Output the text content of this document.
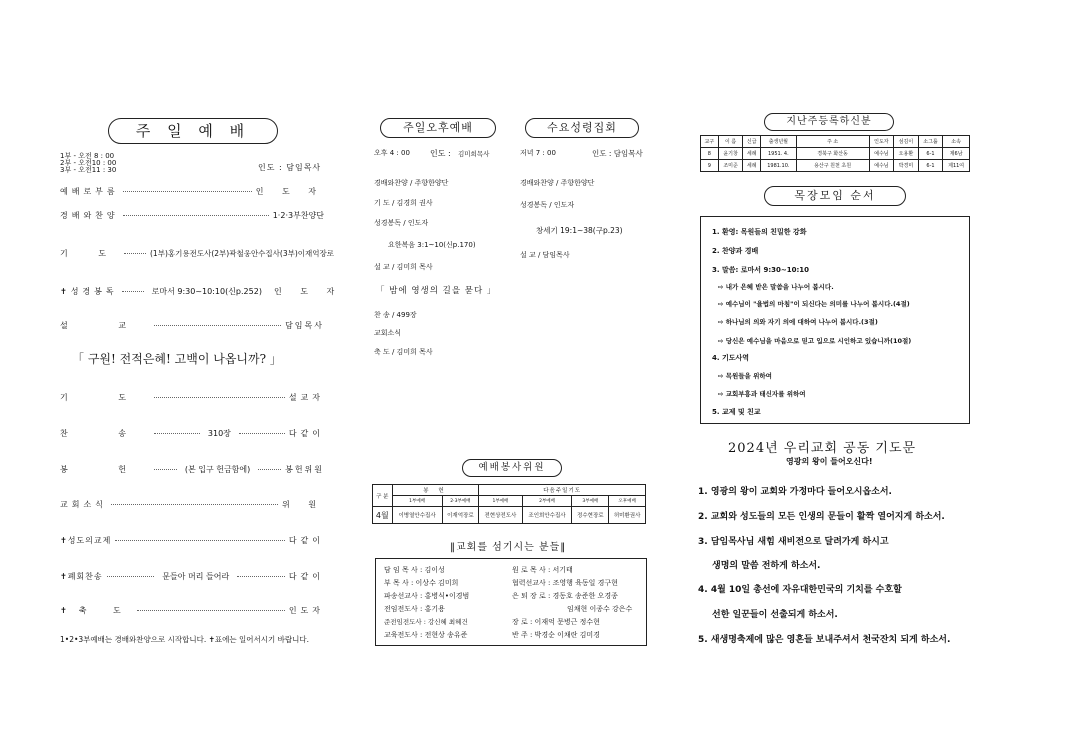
주 일 예 배
1부 - 오전 8 : 00
2부 - 오전10 : 00
3부 - 오전11 : 30	인도 : 담임목사
예배로부름	인 도 자
경배와찬양	1·2·3부찬양단
기 도	(1부)홍기용전도사(2부)곽철웅안수집사(3부)이재억장로
✝성경봉독	로마서 9:30~10:10(신p.252)	인 도 자
설 교	담임목사
「 구원! 전적은혜! 고백이 나옵니까? 」
기 도	설교자
찬 송	310장	다같이
봉 헌	(본 입구 헌금함에)	봉헌위원
교회소식	위 원
✝성도의교제	다같이
✝폐회찬송	문들아 머리 들어라	다같이
✝축 도	인도자
1•2•3부예배는 경배와찬양으로 시작합니다. ✝표에는 일어서시기 바랍니다.
주일오후예배	수요성령집회
오후 4 : 00	인도 : 김미희목사
경배와찬양 / 주향한양단
기 도 / 김경희 권사
성경봉독 / 인도자
요한복음 3:1~10(신p.170)
설 교 / 김미희 목사
「 밤에 영생의 길을 묻다 」
찬 송 / 499장
교회소식
축 도 / 김미희 목사
저녁 7 : 00	인도 : 담임목사
경배와찬양 / 주향한양단
성경봉독 / 인도자
창세기 19:1~38(구p.23)
설 교 / 담임목사
예배봉사위원
구 분	봉 헌		다음주일기도			
	1부예배	2·3부예배	1부예배	2부예배	3부예배	오후예배
4월	이병열안수집사	이재억장로	전현상전도사	조인희안수집사	정수현장로	허미환권사
‖교회를 섬기시는 분들‖
담 임 목 사 : 김이성
부 목 사 : 이상수 김미희
파송선교사 : 홍병식•이경범
전임전도사 : 홍기용
준전임전도사 : 강신혜 최혜건
교육전도사 : 전현상 송유준
원 로 목 사 : 서기태
협력선교사 : 조영행 육동일 경구현
은 퇴 장 로 : 경동호 송준한 오경종
임채현 이종수 강은수
장 로 : 이재억 문병근 정수현
반 주 : 박경순 이채란 김미경
지난주등록하신분
교구	이 름	신급	출생년월	주 소	인도자	섬김이	소그룹	소속
8	윤기창	세례	1951. 4.	경북구 화산동	예수님	오용환	6-1	제6남
9	조미준	세례	1981.10.	용산구 원천 초원	예수님	박경미	6-1	제11여
목장모임 순서
1. 환영: 목원들의 친밀한 강화
2. 찬양과 경배
3. 말씀: 로마서 9:30~10:10
⇨ 내가 은혜 받은 말씀을 나누어 봅시다.
⇨ 예수님이 "율법의 마침"이 되신다는 의미를 나누어 봅시다.(4절)
⇨ 하나님의 의와 자기 의에 대하여 나누어 봅시다.(3절)
⇨ 당신은 예수님을 마음으로 믿고 입으로 시인하고 있습니까(10절)
4. 기도사역
⇨ 목원들을 위하여
⇨ 교회부흥과 태신자를 위하여
5. 교제 및 친교
2024년 우리교회 공동 기도문
영광의 왕이 들어오신다!
1. 영광의 왕이 교회와 가정마다 들어오시옵소서.
2. 교회와 성도들의 모든 인생의 문들이 활짝 열어지게 하소서.
3. 담임목사님 새힘 새비전으로 달려가게 하시고
생명의 말씀 전하게 하소서.
4. 4월 10일 총선에 자유대한민국의 기치를 수호할
선한 일꾼들이 선출되게 하소서.
5. 새생명축제에 많은 영혼들 보내주셔서 천국잔치 되게 하소서.
